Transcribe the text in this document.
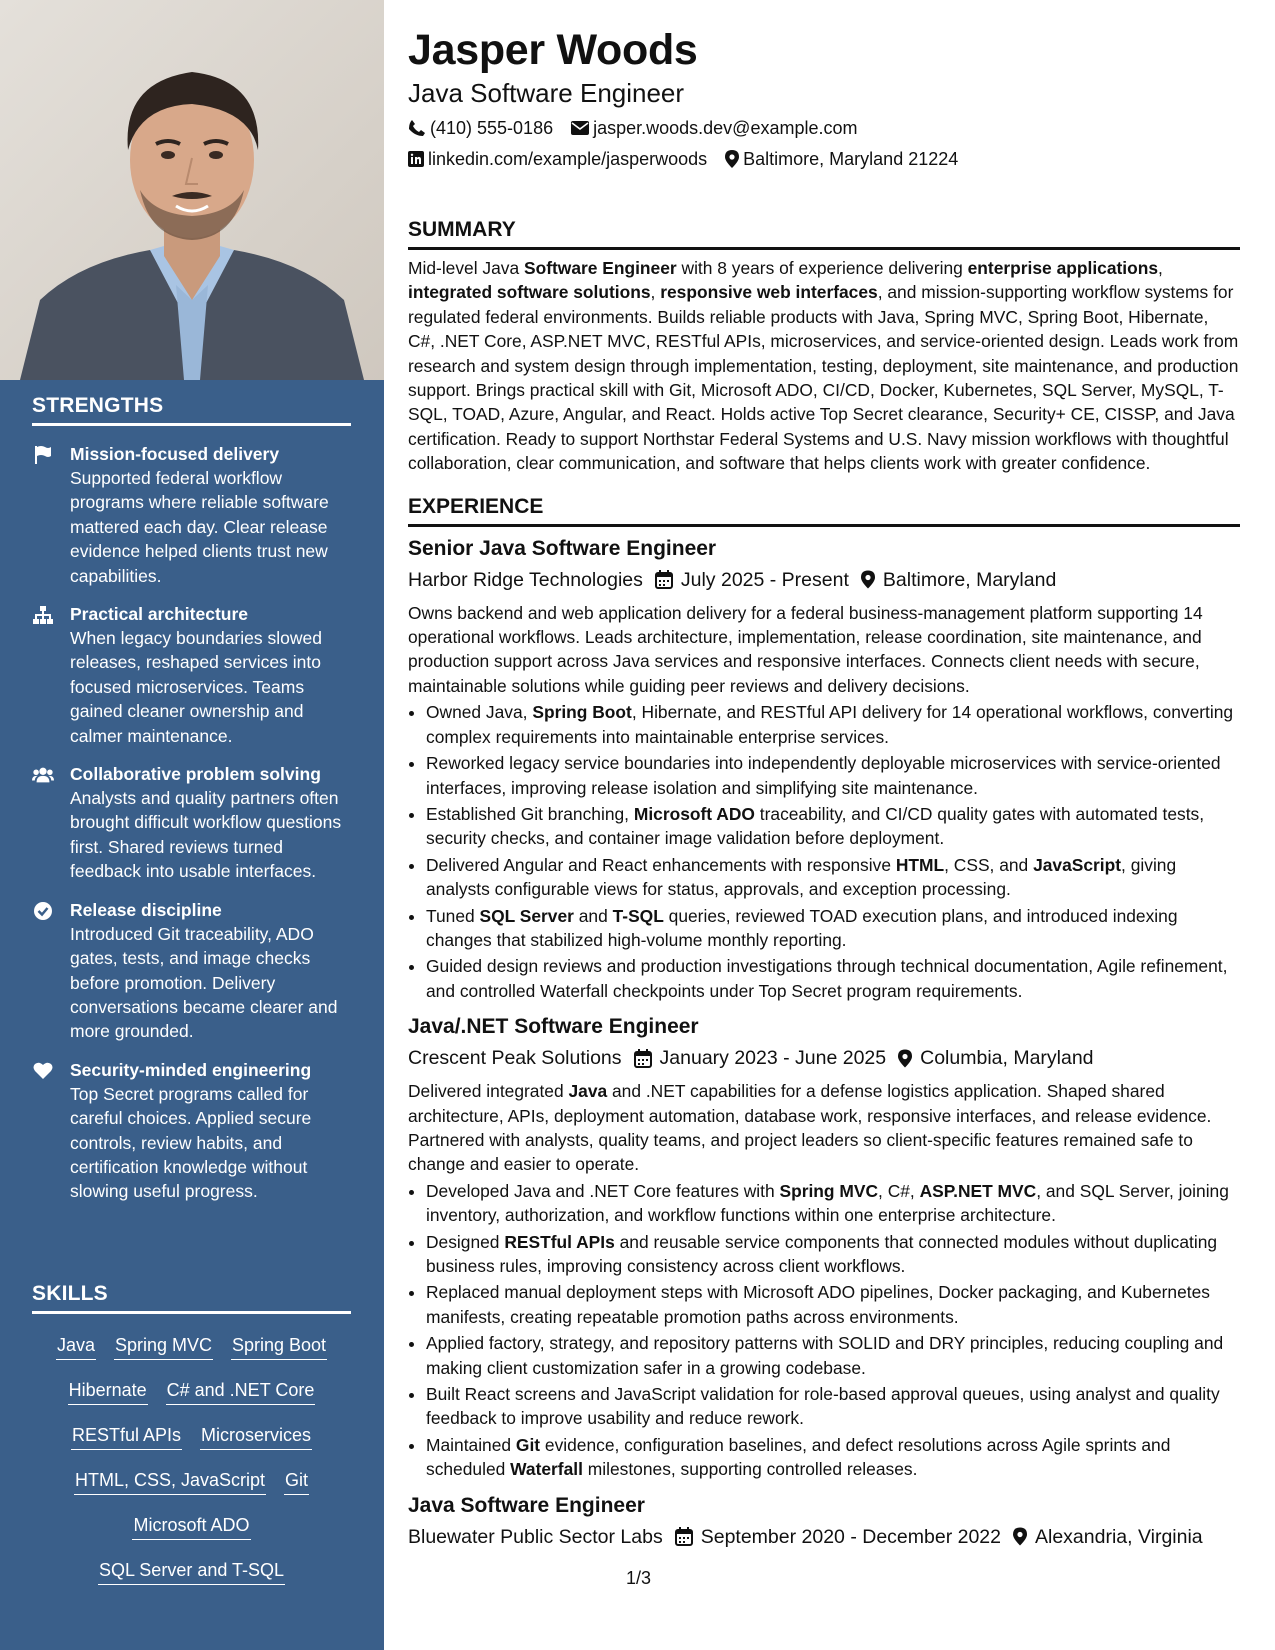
STRENGTHS
Mission-focused delivery
Supported federal workflow programs where reliable software mattered each day. Clear release evidence helped clients trust new capabilities.
Practical architecture
When legacy boundaries slowed releases, reshaped services into focused microservices. Teams gained cleaner ownership and calmer maintenance.
Collaborative problem solving
Analysts and quality partners often brought difficult workflow questions first. Shared reviews turned feedback into usable interfaces.
Release discipline
Introduced Git traceability, ADO gates, tests, and image checks before promotion. Delivery conversations became clearer and more grounded.
Security-minded engineering
Top Secret programs called for careful choices. Applied secure controls, review habits, and certification knowledge without slowing useful progress.
SKILLS
Java Spring MVC Spring Boot
Hibernate C# and .NET Core
RESTful APIs Microservices
HTML, CSS, JavaScript Git
Microsoft ADO
SQL Server and T-SQL
Jasper Woods
Java Software Engineer
(410) 555-0186 jasper.woods.dev@example.com
linkedin.com/example/jasperwoods Baltimore, Maryland 21224
SUMMARY

Mid-level Java Software Engineer with 8 years of experience delivering enterprise applications, integrated software solutions, responsive web interfaces, and mission-supporting workflow systems for regulated federal environments. Builds reliable products with Java, Spring MVC, Spring Boot, Hibernate, C#, .NET Core, ASP.NET MVC, RESTful APIs, microservices, and service-oriented design. Leads work from research and system design through implementation, testing, deployment, site maintenance, and production support. Brings practical skill with Git, Microsoft ADO, CI/CD, Docker, Kubernetes, SQL Server, MySQL, T-SQL, TOAD, Azure, Angular, and React. Holds active Top Secret clearance, Security+ CE, CISSP, and Java certification. Ready to support Northstar Federal Systems and U.S. Navy mission workflows with thoughtful collaboration, clear communication, and software that helps clients work with greater confidence.

EXPERIENCE
Senior Java Software Engineer
Harbor Ridge Technologies July 2025 - Present Baltimore, Maryland

Owns backend and web application delivery for a federal business-management platform supporting 14 operational workflows. Leads architecture, implementation, release coordination, site maintenance, and production support across Java services and responsive interfaces. Connects client needs with secure, maintainable solutions while guiding peer reviews and delivery decisions.

• Owned Java, Spring Boot, Hibernate, and RESTful API delivery for 14 operational workflows, converting complex requirements into maintainable enterprise services.
• Reworked legacy service boundaries into independently deployable microservices with service-oriented interfaces, improving release isolation and simplifying site maintenance.
• Established Git branching, Microsoft ADO traceability, and CI/CD quality gates with automated tests, security checks, and container image validation before deployment.
• Delivered Angular and React enhancements with responsive HTML, CSS, and JavaScript, giving analysts configurable views for status, approvals, and exception processing.
• Tuned SQL Server and T-SQL queries, reviewed TOAD execution plans, and introduced indexing changes that stabilized high-volume monthly reporting.
• Guided design reviews and production investigations through technical documentation, Agile refinement, and controlled Waterfall checkpoints under Top Secret program requirements.
Java/.NET Software Engineer
Crescent Peak Solutions January 2023 - June 2025 Columbia, Maryland

Delivered integrated Java and .NET capabilities for a defense logistics application. Shaped shared architecture, APIs, deployment automation, database work, responsive interfaces, and release evidence. Partnered with analysts, quality teams, and project leaders so client-specific features remained safe to change and easier to operate.

• Developed Java and .NET Core features with Spring MVC, C#, ASP.NET MVC, and SQL Server, joining inventory, authorization, and workflow functions within one enterprise architecture.
• Designed RESTful APIs and reusable service components that connected modules without duplicating business rules, improving consistency across client workflows.
• Replaced manual deployment steps with Microsoft ADO pipelines, Docker packaging, and Kubernetes manifests, creating repeatable promotion paths across environments.
• Applied factory, strategy, and repository patterns with SOLID and DRY principles, reducing coupling and making client customization safer in a growing codebase.
• Built React screens and JavaScript validation for role-based approval queues, using analyst and quality feedback to improve usability and reduce rework.
• Maintained Git evidence, configuration baselines, and defect resolutions across Agile sprints and scheduled Waterfall milestones, supporting controlled releases.
Java Software Engineer
Bluewater Public Sector Labs September 2020 - December 2022 Alexandria, Virginia
1/3
